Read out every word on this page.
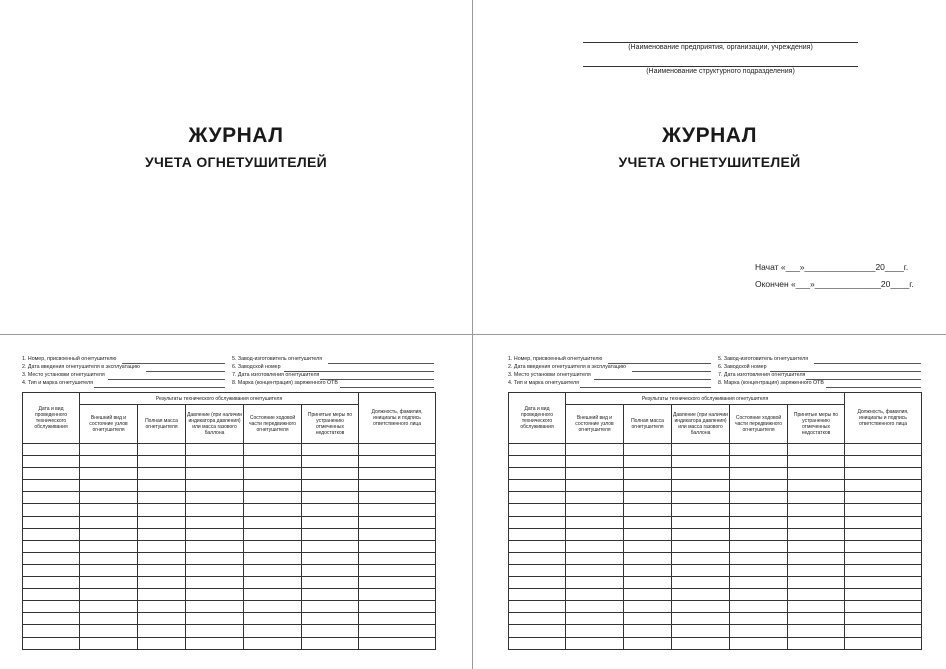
ЖУРНАЛ
УЧЕТА ОГНЕТУШИТЕЛЕЙ
(Наименование предприятия, организации, учреждения)
(Наименование структурного подразделения)
ЖУРНАЛ
УЧЕТА ОГНЕТУШИТЕЛЕЙ
Начат «___»_______________20____г.
Окончен «___»______________20____г.
1. Номер, присвоенный огнетушителю
2. Дата введения огнетушителя в эксплуатацию
3. Место установки огнетушителя
4. Тип и марка огнетушителя
5. Завод-изготовитель огнетушителя
6. Заводской номер
7. Дата изготовления огнетушителя
8. Марка (концентрация) заряженного ОТВ
Дата и вид проведенного технического обслуживания	Результаты технического обслуживания огнетушителя					Должность, фамилия, инициалы и подпись ответственного лица
	Внешний вид и состояние узлов огнетушителя	Полная масса огнетушителя	Давление (при наличии индикатора давления) или масса газового баллона	Состояние ходовой части передвижного огнетушителя	Принятые меры по устранению отмеченных недостатков	

1. Номер, присвоенный огнетушителю
2. Дата введения огнетушителя в эксплуатацию
3. Место установки огнетушителя
4. Тип и марка огнетушителя
5. Завод-изготовитель огнетушителя
6. Заводской номер
7. Дата изготовления огнетушителя
8. Марка (концентрация) заряженного ОТВ
Дата и вид проведенного технического обслуживания	Результаты технического обслуживания огнетушителя					Должность, фамилия, инициалы и подпись ответственного лица
	Внешний вид и состояние узлов огнетушителя	Полная масса огнетушителя	Давление (при наличии индикатора давления) или масса газового баллона	Состояние ходовой части передвижного огнетушителя	Принятые меры по устранению отмеченных недостатков	
